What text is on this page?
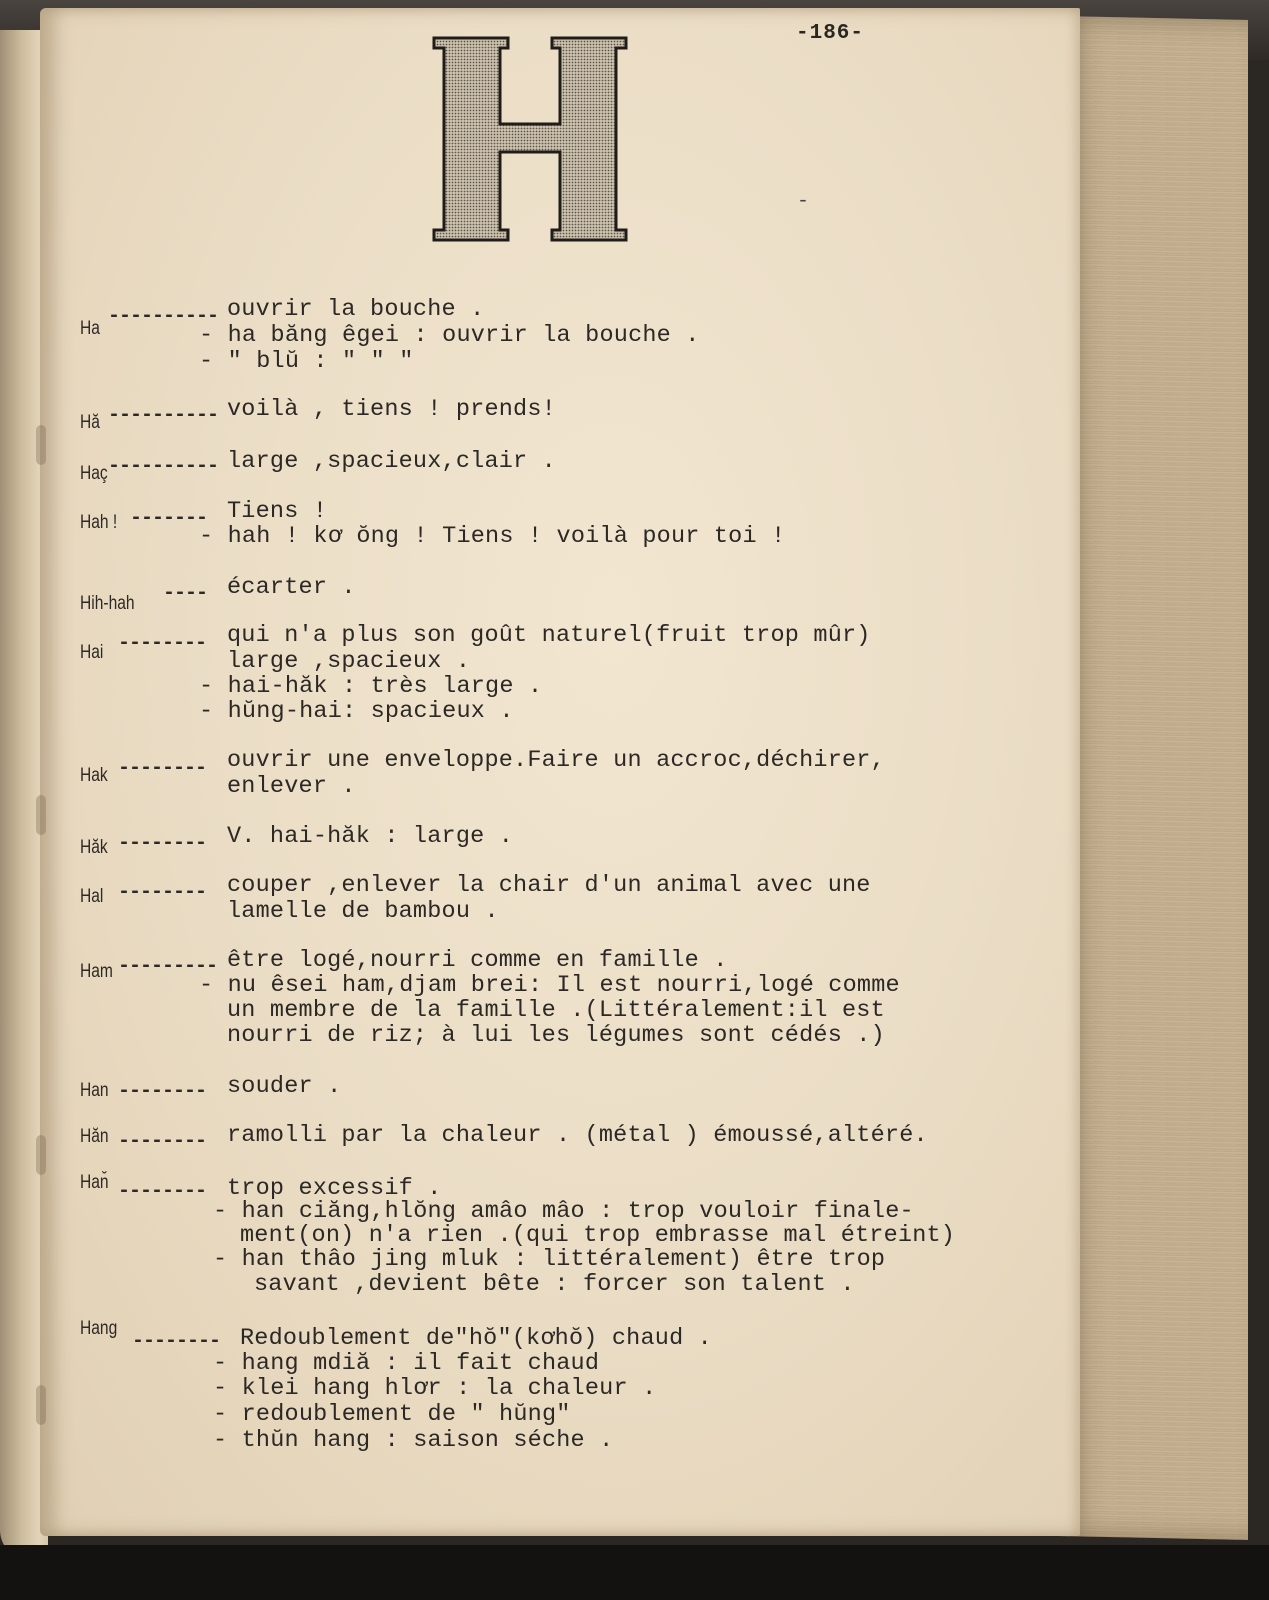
-186-
-
H
Ha
---------- ouvrir la bouche .
- ha băng êgei : ouvrir la bouche .
- " blŭ : " " "
Hă ---------- voilà , tiens ! prends!
Haç ---------- large ,spacieux,clair .
Hah ! ------- Tiens !
- hah ! kơ ŏng ! Tiens ! voilà pour toi !
Hih-hah ---- écarter .
Hai -------- qui n'a plus son goût naturel(fruit trop mûr)
large ,spacieux .
- hai-hăk : très large .
- hŭng-hai: spacieux .
Hak -------- ouvrir une enveloppe.Faire un accroc,déchirer,
enlever .
Hăk -------- V. hai-hăk : large .
Hal -------- couper ,enlever la chair d'un animal avec une
lamelle de bambou .
Ham --------- être logé,nourri comme en famille .
- nu êsei ham,djam brei: Il est nourri,logé comme
un membre de la famille .(Littéralement:il est
nourri de riz; à lui les légumes sont cédés .)
Han -------- souder .
Hăn -------- ramolli par la chaleur . (métal ) émoussé,altéré.
Han̆ -------- trop excessif .
- han ciăng,hlŏng amâo mâo : trop vouloir finale-
ment(on) n'a rien .(qui trop embrasse mal étreint)
- han thâo jing mluk : littéralement) être trop
savant ,devient bête : forcer son talent .
Hang
-------- Redoublement de"hŏ"(kơhŏ) chaud .
- hang mdiă : il fait chaud
- klei hang hlơr : la chaleur .
- redoublement de " hŭng"
- thŭn hang : saison séche .
